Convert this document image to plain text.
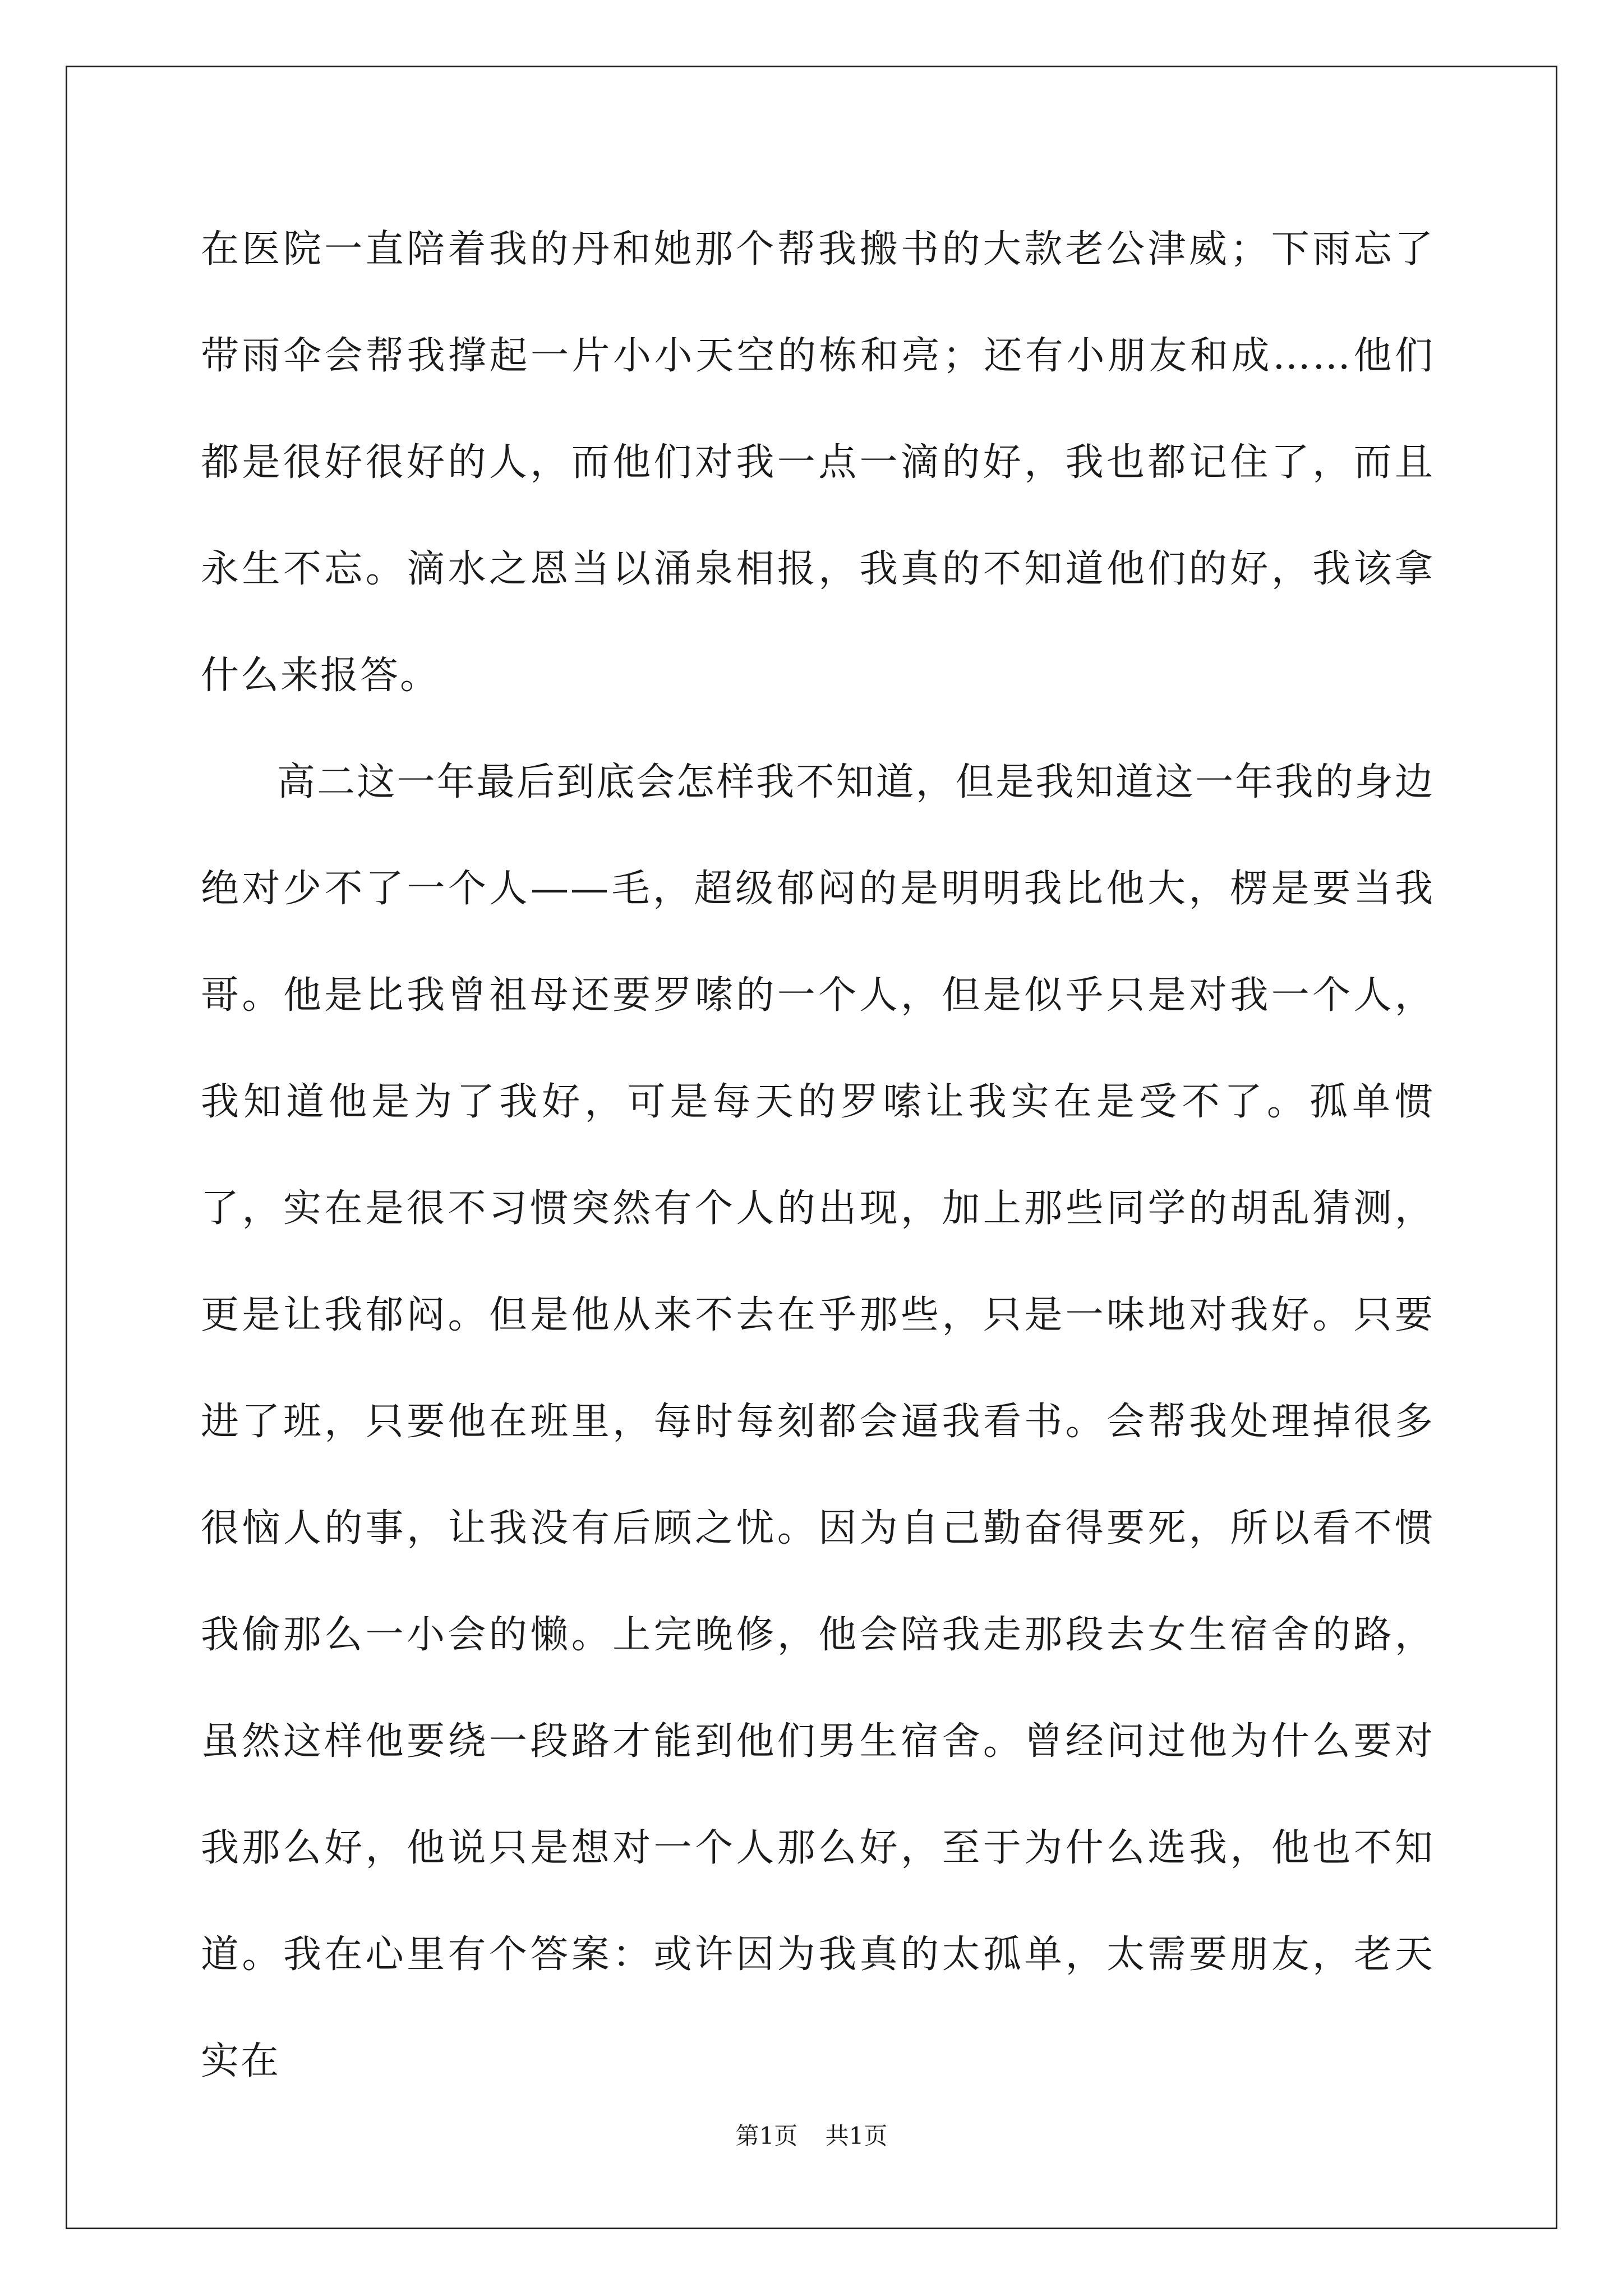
在医院一直陪着我的丹和她那个帮我搬书的大款老公津威；下雨忘了带雨伞会帮我撑起一片小小天空的栋和亮；还有小朋友和成……他们都是很好很好的人，而他们对我一点一滴的好，我也都记住了，而且永生不忘。滴水之恩当以涌泉相报，我真的不知道他们的好，我该拿什么来报答。

高二这一年最后到底会怎样我不知道，但是我知道这一年我的身边绝对少不了一个人——毛，超级郁闷的是明明我比他大，楞是要当我哥。他是比我曾祖母还要罗嗦的一个人，但是似乎只是对我一个人，我知道他是为了我好，可是每天的罗嗦让我实在是受不了。孤单惯了，实在是很不习惯突然有个人的出现，加上那些同学的胡乱猜测，更是让我郁闷。但是他从来不去在乎那些，只是一味地对我好。只要进了班，只要他在班里，每时每刻都会逼我看书。会帮我处理掉很多很恼人的事，让我没有后顾之忧。因为自己勤奋得要死，所以看不惯我偷那么一小会的懒。上完晚修，他会陪我走那段去女生宿舍的路，虽然这样他要绕一段路才能到他们男生宿舍。曾经问过他为什么要对我那么好，他说只是想对一个人那么好，至于为什么选我，他也不知道。我在心里有个答案：或许因为我真的太孤单，太需要朋友，老天实在

第1页 共1页
